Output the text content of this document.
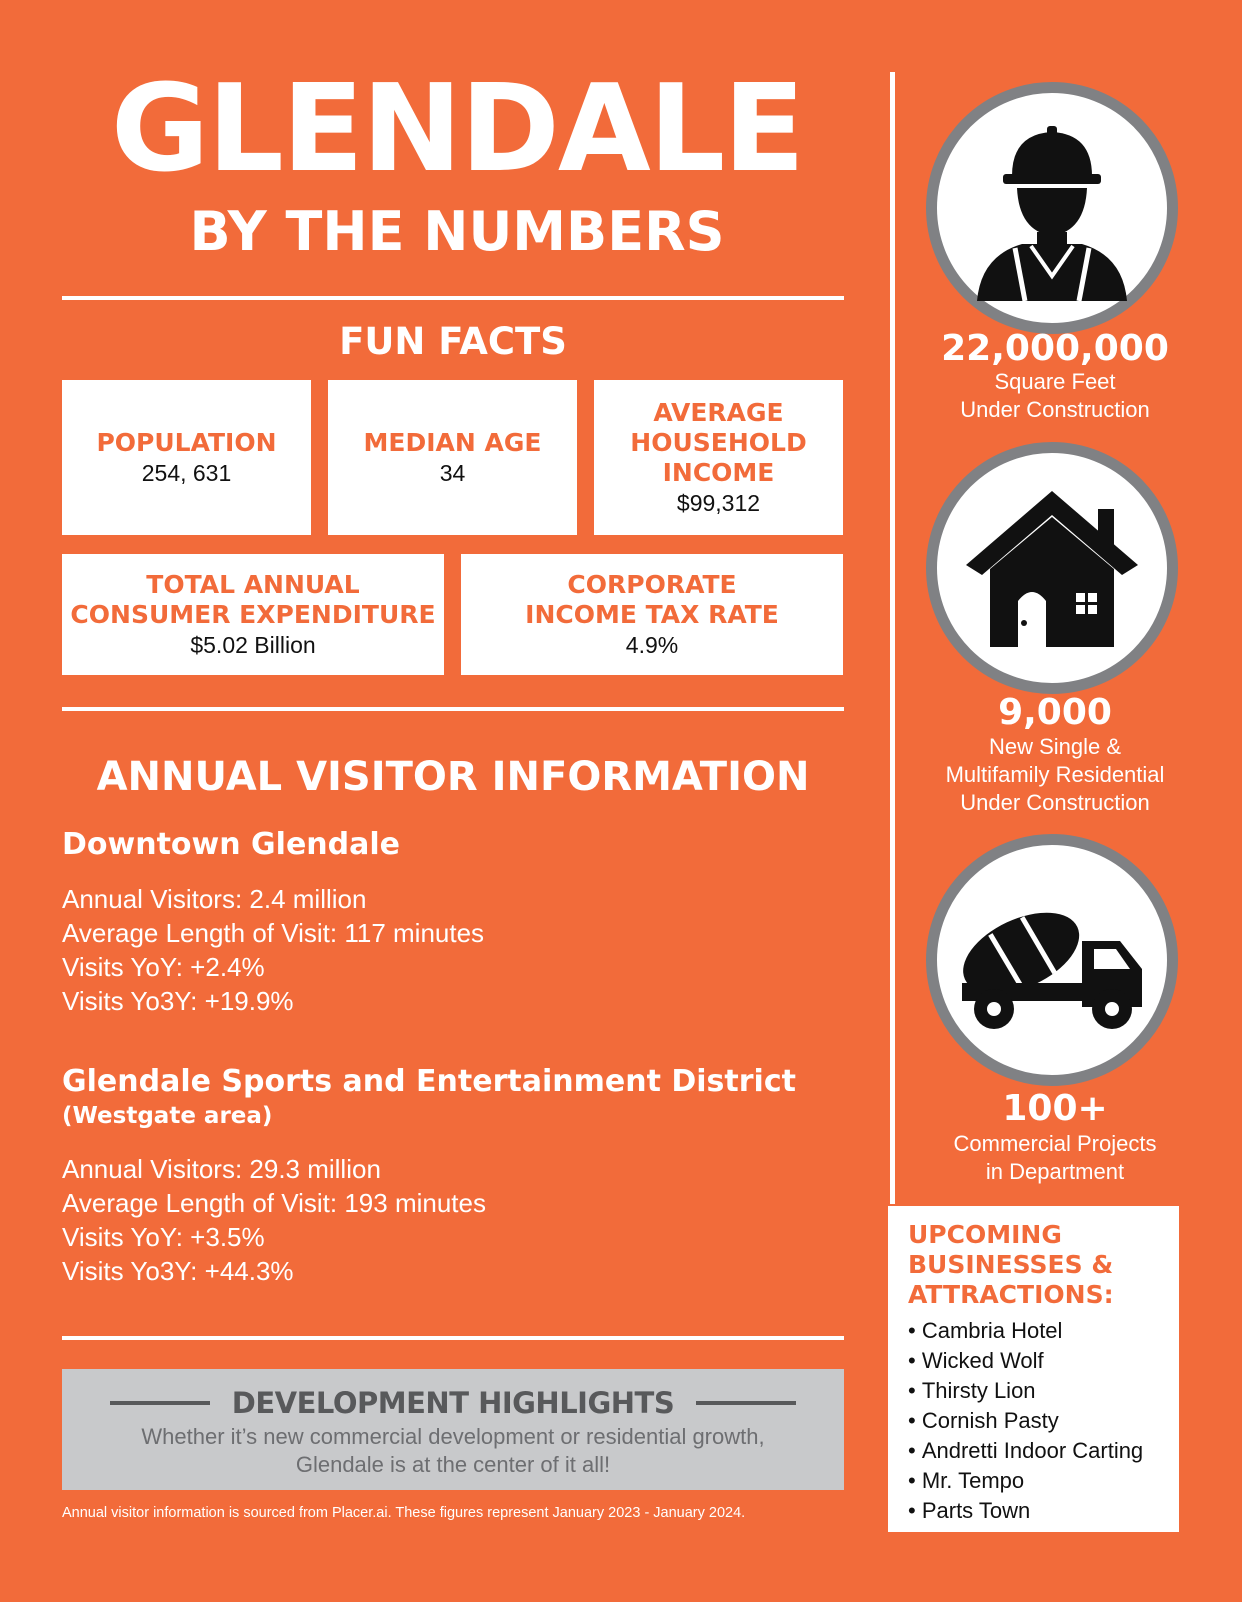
GLENDALE
BY THE NUMBERS
FUN FACTS
POPULATION
254, 631
MEDIAN AGE
34
AVERAGE
HOUSEHOLD
INCOME
$99,312
TOTAL ANNUAL
CONSUMER EXPENDITURE
$5.02 Billion
CORPORATE
INCOME TAX RATE
4.9%
ANNUAL VISITOR INFORMATION
Downtown Glendale
Annual Visitors: 2.4 million
Average Length of Visit: 117 minutes
Visits YoY: +2.4%
Visits Yo3Y: +19.9%
Glendale Sports and Entertainment District
(Westgate area)
Annual Visitors: 29.3 million
Average Length of Visit: 193 minutes
Visits YoY: +3.5%
Visits Yo3Y: +44.3%
DEVELOPMENT HIGHLIGHTS
Whether it’s new commercial development or residential growth,
Glendale is at the center of it all!
Annual visitor information is sourced from Placer.ai. These figures represent January 2023 - January 2024.
22,000,000
Square Feet
Under Construction
9,000
New Single &
Multifamily Residential
Under Construction
100+
Commercial Projects
in Department
UPCOMING
BUSINESSES &
ATTRACTIONS:
• Cambria Hotel
• Wicked Wolf
• Thirsty Lion
• Cornish Pasty
• Andretti Indoor Carting
• Mr. Tempo
• Parts Town
